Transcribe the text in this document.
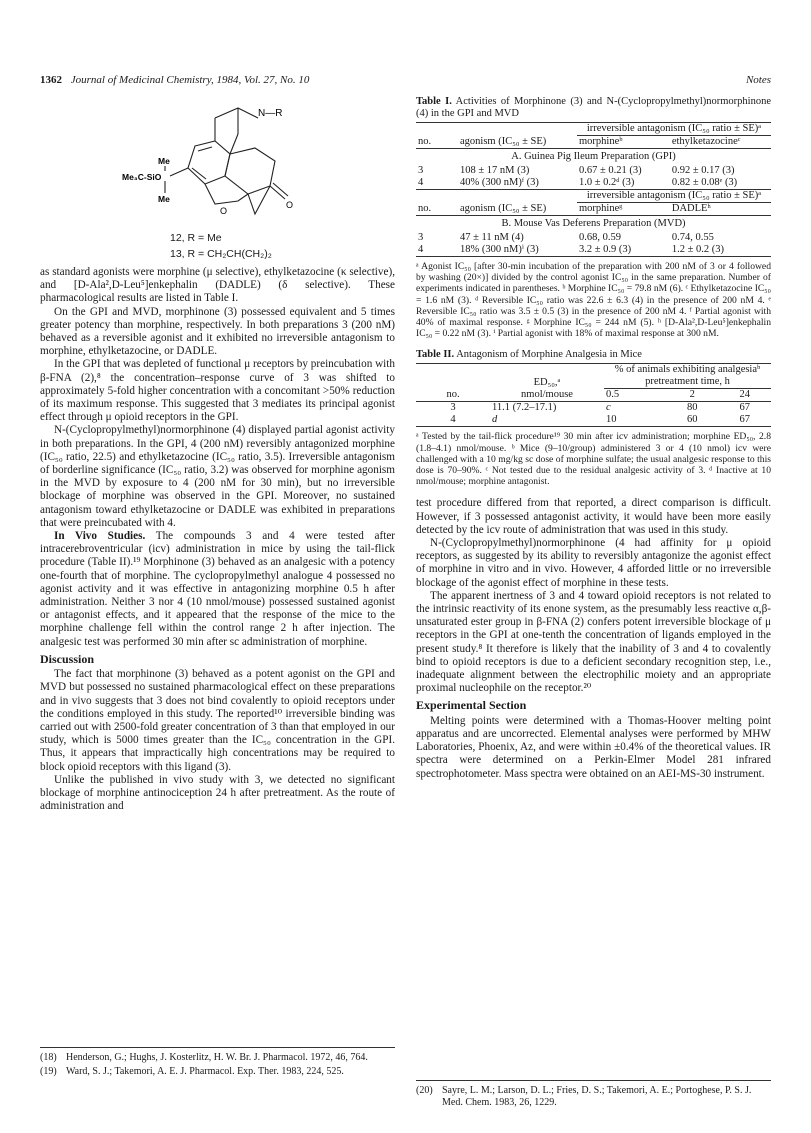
1362 Journal of Medicinal Chemistry, 1984, Vol. 27, No. 10	Notes
N—R
Me
Me₃C-SiO
Me
O
O
12, R = Me
13, R = CH₂CH(CH₂)₂

as standard agonists were morphine (μ selective), ethylketazocine (κ selective), and [D-Ala²,D-Leu⁵]enkephalin (DADLE) (δ selective). These pharmacological results are listed in Table I.

On the GPI and MVD, morphinone (3) possessed equivalent and 5 times greater potency than morphine, respectively. In both preparations 3 (200 nM) behaved as a reversible agonist and it exhibited no irreversible antagonism to morphine, ethylketazocine, or DADLE.

In the GPI that was depleted of functional μ receptors by preincubation with β-FNA (2),⁸ the concentration–response curve of 3 was shifted to approximately 5-fold higher concentration with a concomitant >50% reduction of its maximum response. This suggested that 3 mediates its principal agonist effect through μ opioid receptors in the GPI.

N-(Cyclopropylmethyl)normorphinone (4) displayed partial agonist activity in both preparations. In the GPI, 4 (200 nM) reversibly antagonized morphine (IC₅₀ ratio, 22.5) and ethylketazocine (IC₅₀ ratio, 3.5). Irreversible antagonism of borderline significance (IC₅₀ ratio, 3.2) was observed for morphine agonism in the MVD by exposure to 4 (200 nM for 30 min), but no irreversible blockage of morphine was observed in the GPI. Moreover, no sustained antagonism toward ethylketazocine or DADLE was exhibited in preparations that were preincubated with 4.

In Vivo Studies. The compounds 3 and 4 were tested after intracerebroventricular (icv) administration in mice by using the tail-flick procedure (Table II).¹⁹ Morphinone (3) behaved as an analgesic with a potency one-fourth that of morphine. The cyclopropylmethyl analogue 4 possessed no agonist activity and it was effective in antagonizing morphine 0.5 h after administration. Neither 3 nor 4 (10 nmol/mouse) possessed sustained agonist or antagonist effects, and it appeared that the response of the mice to the morphine challenge fell within the control range 2 h after injection. The analgesic test was performed 30 min after sc administration of morphine.

Discussion

The fact that morphinone (3) behaved as a potent agonist on the GPI and MVD but possessed no sustained pharmacological effect on these preparations and in vivo suggests that 3 does not bind covalently to opioid receptors under the conditions employed in this study. The reported¹⁰ irreversible binding was carried out with 2500-fold greater concentration of 3 than that employed in our study, which is 5000 times greater than the IC₅₀ concentration in the GPI. Thus, it appears that impractically high concentrations may be required to block opioid receptors with this ligand (3).

Unlike the published in vivo study with 3, we detected no significant blockage of morphine antinociception 24 h after pretreatment. As the route of administration and

(18) Henderson, G.; Hughs, J. Kosterlitz, H. W. Br. J. Pharmacol. 1972, 46, 764.
(19) Ward, S. J.; Takemori, A. E. J. Pharmacol. Exp. Ther. 1983, 224, 525.
Table I. Activities of Morphinone (3) and N-(Cyclopropylmethyl)normorphinone (4) in the GPI and MVD
		irreversible antagonism (IC₅₀ ratio ± SE)ᵃ	
no.	agonism (IC₅₀ ± SE)	morphineᵇ	ethylketazocineᶜ
A. Guinea Pig Ileum Preparation (GPI)			
3	108 ± 17 nM (3)	0.67 ± 0.21 (3)	0.92 ± 0.17 (3)
4	40% (300 nM)ᶠ (3)	1.0 ± 0.2ᵈ (3)	0.82 ± 0.08ᵉ (3)
		irreversible antagonism (IC₅₀ ratio ± SE)ᵃ	
no.	agonism (IC₅₀ ± SE)	morphineᵍ	DADLEʰ
B. Mouse Vas Deferens Preparation (MVD)			
3	47 ± 11 nM (4)	0.68, 0.59	0.74, 0.55
4	18% (300 nM)ⁱ (3)	3.2 ± 0.9 (3)	1.2 ± 0.2 (3)
ᵃ Agonist IC₅₀ [after 30-min incubation of the preparation with 200 nM of 3 or 4 followed by washing (20×)] divided by the control agonist IC₅₀ in the same preparation. Number of experiments indicated in parentheses. ᵇ Morphine IC₅₀ = 79.8 nM (6). ᶜ Ethylketazocine IC₅₀ = 1.6 nM (3). ᵈ Reversible IC₅₀ ratio was 22.6 ± 6.3 (4) in the presence of 200 nM 4. ᵉ Reversible IC₅₀ ratio was 3.5 ± 0.5 (3) in the presence of 200 nM 4. ᶠ Partial agonist with 40% of maximal response. ᵍ Morphine IC₅₀ = 244 nM (5). ʰ [D-Ala²,D-Leu⁵]enkephalin IC₅₀ = 0.22 nM (3). ⁱ Partial agonist with 18% of maximal response at 300 nM.
Table II. Antagonism of Morphine Analgesia in Mice
	ED₅₀,ᵃ	% of animals exhibiting analgesiaᵇ pretreatment time, h		
no.	nmol/mouse	0.5	2	24
3	11.1 (7.2–17.1)	c	80	67
4	d	10	60	67
ᵃ Tested by the tail-flick procedure¹⁹ 30 min after icv administration; morphine ED₅₀, 2.8 (1.8–4.1) nmol/mouse. ᵇ Mice (9–10/group) administered 3 or 4 (10 nmol) icv were challenged with a 10 mg/kg sc dose of morphine sulfate; the usual analgesic response to this dose is 70–90%. ᶜ Not tested due to the residual analgesic activity of 3. ᵈ Inactive at 10 nmol/mouse; morphine antagonist.

test procedure differed from that reported, a direct comparison is difficult. However, if 3 possessed antagonist activity, it would have been more easily detected by the icv route of administration that was used in this study.

N-(Cyclopropylmethyl)normorphinone (4 had affinity for μ opioid receptors, as suggested by its ability to reversibly antagonize the agonist effect of morphine in vitro and in vivo. However, 4 afforded little or no irreversible blockage of the agonist effect of morphine in these tests.

The apparent inertness of 3 and 4 toward opioid receptors is not related to the intrinsic reactivity of its enone system, as the presumably less reactive α,β-unsaturated ester group in β-FNA (2) confers potent irreversible blockage of μ receptors in the GPI at one-tenth the concentration of ligands employed in the present study.⁸ It therefore is likely that the inability of 3 and 4 to covalently bind to opioid receptors is due to a deficient secondary recognition step, i.e., inadequate alignment between the electrophilic moiety and an appropriate proximal nucleophile on the receptor.²⁰

Experimental Section

Melting points were determined with a Thomas-Hoover melting point apparatus and are uncorrected. Elemental analyses were performed by MHW Laboratories, Phoenix, Az, and were within ±0.4% of the theoretical values. IR spectra were determined on a Perkin-Elmer Model 281 infrared spectrophotometer. Mass spectra were obtained on an AEI-MS-30 instrument.

(20) Sayre, L. M.; Larson, D. L.; Fries, D. S.; Takemori, A. E.; Portoghese, P. S. J. Med. Chem. 1983, 26, 1229.
